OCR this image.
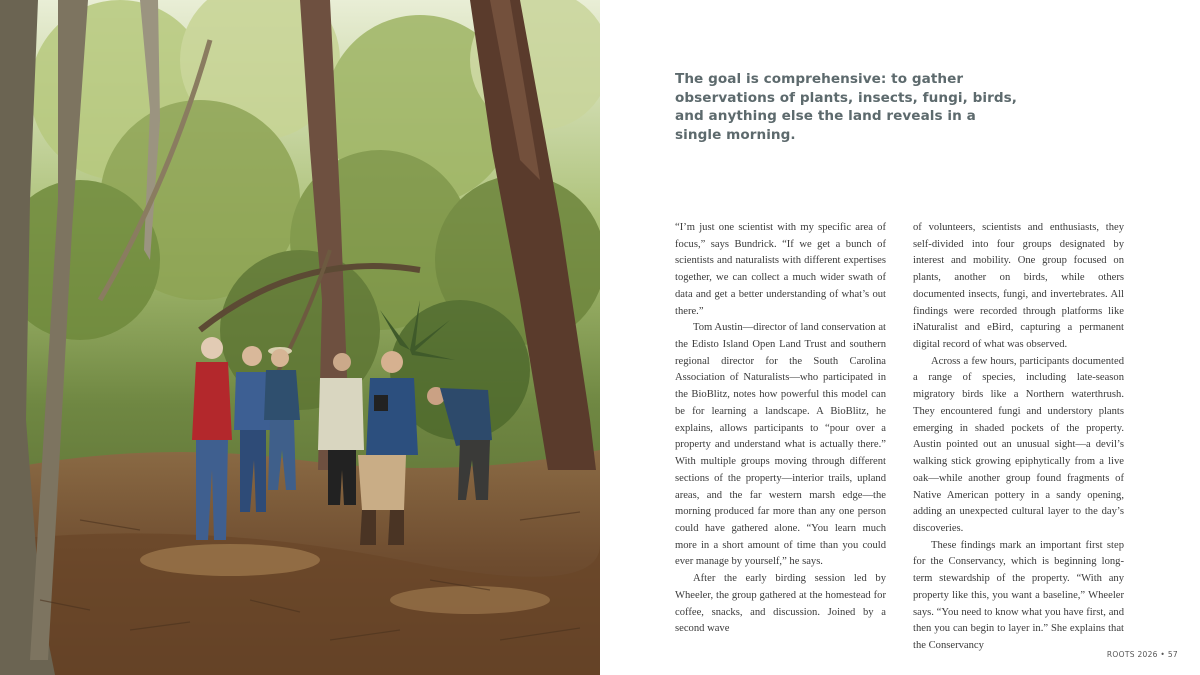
The goal is comprehensive: to gather observations of plants, insects, fungi, birds, and anything else the land reveals in a single morning.

“I’m just one scientist with my specific area of focus,” says Bundrick. “If we get a bunch of scientists and naturalists with different expertises together, we can collect a much wider swath of data and get a better understanding of what’s out there.”

Tom Austin—director of land conservation at the Edisto Island Open Land Trust and southern regional director for the South Carolina Association of Naturalists—who participated in the BioBlitz, notes how powerful this model can be for learning a landscape. A BioBlitz, he explains, allows participants to “pour over a property and understand what is actually there.” With multiple groups moving through different sections of the property—interior trails, upland areas, and the far western marsh edge—the morning produced far more than any one person could have gathered alone. “You learn much more in a short amount of time than you could ever manage by yourself,” he says.

After the early birding session led by Wheeler, the group gathered at the homestead for coffee, snacks, and discussion. Joined by a second wave

of volunteers, scientists and enthusiasts, they self-divided into four groups designated by interest and mobility. One group focused on plants, another on birds, while others documented insects, fungi, and invertebrates. All findings were recorded through platforms like iNaturalist and eBird, capturing a permanent digital record of what was observed.

Across a few hours, participants documented a range of species, including late-season migratory birds like a Northern waterthrush. They encountered fungi and understory plants emerging in shaded pockets of the property. Austin pointed out an unusual sight—a devil’s walking stick growing epiphytically from a live oak—while another group found fragments of Native American pottery in a sandy opening, adding an unexpected cultural layer to the day’s discoveries.

These findings mark an important first step for the Conservancy, which is beginning long-term stewardship of the property. “With any property like this, you want a baseline,” Wheeler says. “You need to know what you have first, and then you can begin to layer in.” She explains that the Conservancy

ROOTS 2026 • 57
